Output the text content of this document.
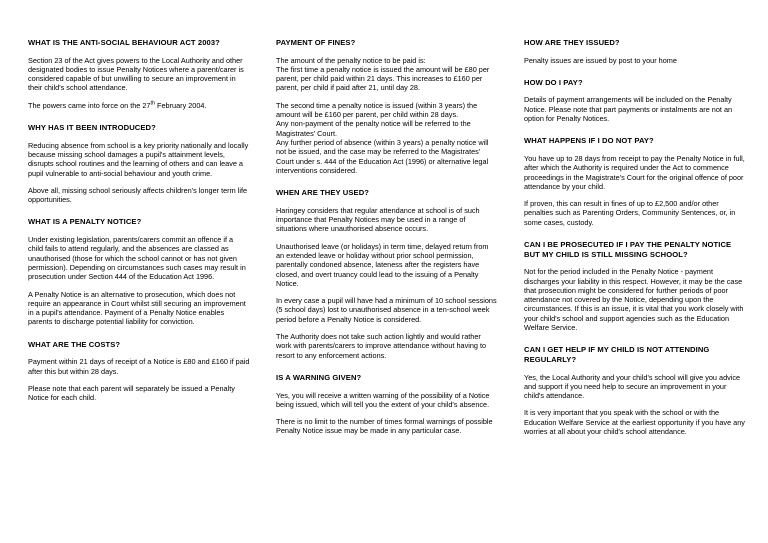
WHAT IS THE ANTI-SOCIAL BEHAVIOUR ACT 2003?

Section 23 of the Act gives powers to the Local Authority and other designated bodies to issue Penalty Notices where a parent/carer is considered capable of but unwilling to secure an improvement in their child's school attendance.

The powers came into force on the 27th February 2004.

WHY HAS IT BEEN INTRODUCED?

Reducing absence from school is a key priority nationally and locally because missing school damages a pupil's attainment levels, disrupts school routines and the learning of others and can leave a pupil vulnerable to anti-social behaviour and youth crime.

Above all, missing school seriously affects children's longer term life opportunities.

WHAT IS A PENALTY NOTICE?

Under existing legislation, parents/carers commit an offence if a child fails to attend regularly, and the absences are classed as unauthorised (those for which the school cannot or has not given permission). Depending on circumstances such cases may result in prosecution under Section 444 of the Education Act 1996.

A Penalty Notice is an alternative to prosecution, which does not require an appearance in Court whilst still securing an improvement in a pupil's attendance. Payment of a Penalty Notice enables parents to discharge potential liability for conviction.

WHAT ARE THE COSTS?

Payment within 21 days of receipt of a Notice is £80 and £160 if paid after this but within 28 days.

Please note that each parent will separately be issued a Penalty Notice for each child.

PAYMENT OF FINES?

The amount of the penalty notice to be paid is:

The first time a penalty notice is issued the amount will be £80 per parent, per child paid within 21 days. This increases to £160 per parent, per child if paid after 21, until day 28.

The second time a penalty notice is issued (within 3 years) the amount will be £160 per parent, per child within 28 days.

Any non-payment of the penalty notice will be referred to the Magistrates' Court.

Any further period of absence (within 3 years) a penalty notice will not be issued, and the case may be referred to the Magistrates' Court under s. 444 of the Education Act (1996) or alternative legal interventions considered.

WHEN ARE THEY USED?

Haringey considers that regular attendance at school is of such importance that Penalty Notices may be used in a range of situations where unauthorised absence occurs.

Unauthorised leave (or holidays) in term time, delayed return from an extended leave or holiday without prior school permission, parentally condoned absence, lateness after the registers have closed, and overt truancy could lead to the issuing of a Penalty Notice.

In every case a pupil will have had a minimum of 10 school sessions (5 school days) lost to unauthorised absence in a ten-school week period before a Penalty Notice is considered.

The Authority does not take such action lightly and would rather work with parents/carers to improve attendance without having to resort to any enforcement actions.

IS A WARNING GIVEN?

Yes, you will receive a written warning of the possibility of a Notice being issued, which will tell you the extent of your child's absence.

There is no limit to the number of times formal warnings of possible Penalty Notice issue may be made in any particular case.

HOW ARE THEY ISSUED?

Penalty issues are issued by post to your home

HOW DO I PAY?

Details of payment arrangements will be included on the Penalty Notice. Please note that part payments or instalments are not an option for Penalty Notices.

WHAT HAPPENS IF I DO NOT PAY?

You have up to 28 days from receipt to pay the Penalty Notice in full, after which the Authority is required under the Act to commence proceedings in the Magistrate's Court for the original offence of poor attendance by your child.

If proven, this can result in fines of up to £2,500 and/or other penalties such as Parenting Orders, Community Sentences, or, in some cases, custody.

CAN I BE PROSECUTED IF I PAY THE PENALTY NOTICE BUT MY CHILD IS STILL MISSING SCHOOL?

Not for the period included in the Penalty Notice - payment discharges your liability in this respect. However, it may be the case that prosecution might be considered for further periods of poor attendance not covered by the Notice, depending upon the circumstances. If this is an issue, it is vital that you work closely with your child's school and support agencies such as the Education Welfare Service.

CAN I GET HELP IF MY CHILD IS NOT ATTENDING REGULARLY?

Yes, the Local Authority and your child's school will give you advice and support if you need help to secure an improvement in your child's attendance.

It is very important that you speak with the school or with the Education Welfare Service at the earliest opportunity if you have any worries at all about your child's school attendance.
